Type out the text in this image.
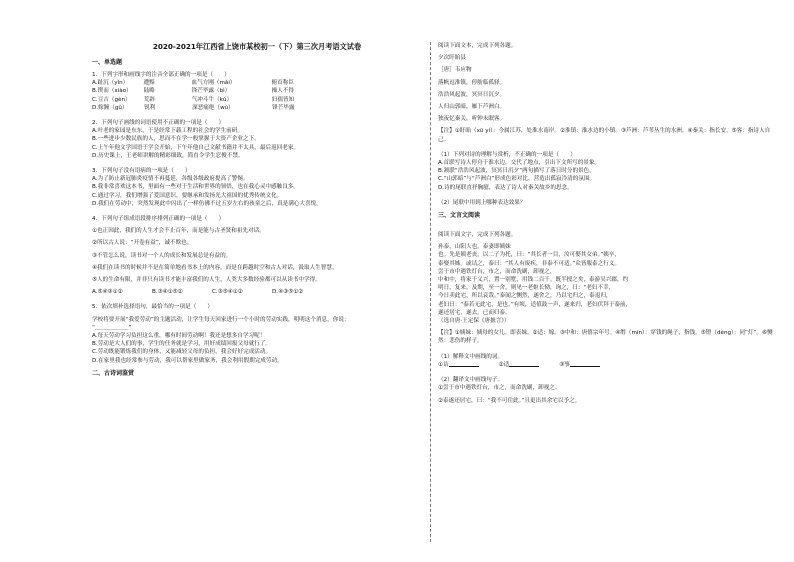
2020-2021年江西省上饶市某校初一（下）第三次月考语文试卷
一、单选题
1．下列字形和画线字的注音全部正确的一项是（　　）
A. 趾沉（yǐn）	遭黯	血气方刚（mǎi）	俯首称臣
B. 锲而（xiào）	陆略	锋芒毕露（bì）	操人不得
C. 豆吉（gèn）	荒辟	气冲斗牛（kǔ）	妇孺皆知
D. 嫁鐘（gǔ）	锐利	深恶痛绝（wù）	锋芒毕露
2．下列句子画线的词语使用不正确的一项是（　　）
A.叶老的家园是东东，于是经常下载工程的社会的学生前研。
B.一些进步少数民族的人，思而不在学一般掌握于大资产企业之下。
C.上午年他文学国语于学会开始，下午年他自己文献书籍并不太具，最后返回老家。
D.历史课上，王老师讲解的精彩细致，简直令学生忍俊不禁。
3．下列句子没有语病的一项是（　　）
A.为了防止新冠肺炎疫情不再蔓延，各级各级政府提高了警惕。
B.我非常喜欢这本书，里面有一些对于生活和世界的领悟，也在我心灵中感触良多。
C.通过学习，我们增强了爱国意识，要继承和发扬光大祖国的优秀传统文化。
D.我们在劳动中，突然发现此中闪出了一样仿佛不过五岁左右的孩童之后，真是满心大喜悦。
4．下列句子组成语段排序排列正确的一项是（　　）
①也正因此，我们的人生才会不止百年，而是能与古圣贤和祖先对话。
②所以古人说：“开卷有益”，诚不欺也。
③不管怎么说，读书对一个人的成长和发展总是有益的。
④我们在读书的时候并不是在简单地看书本上的内容，而是在跨越时空和古人对话，汲取人生智慧。
⑤人的生命有限，并非只有读书才能丰富我们的人生，人类大多数经验都可以从读书中学得。
A.⑤④③①②	B.③④①⑤②	C.③⑤④①②	D.④③⑤①②
5．依次填补选择语句，最恰当的一项是（　　）
学校将要开展“我爱劳动”的主题活动，让学生每天回家进行一个小时的劳动实践，明明这个消息，你说：
“＿＿＿＿＿＿”
A.每天劳动学习负担这么重，哪有时间劳动啊！我还是想多自学习呢！
B.劳动是大人们的事，学生的任务就是学习，用好成绩回报父母就行了。
C.劳动既能锻炼我们的身体，又能减轻父母的负担，我会好好完成活动。
D.在家里我也经常参与劳动，我可以帮家里做家务，我会利用假期完成劳动。
二、古诗词鉴赏
阅读下面文本，完成下列各题。
夕次盱眙县
［唐］韦应物
落帆逗淮镇，停舫临孤驿。
浩浩风起波，冥冥日沉夕。
人归山郭暗，雁下芦洲白。
独夜忆秦关，听钟未眠客。
【注】①盱眙（xū yí）：今属江苏，处淮水南岸。②淮镇：淮水边的小镇。③芦洲：芦苇丛生的水洲。④秦关：指长安。⑤客：指诗人自己。
（1）下列对诗的理解与赏析，不正确的一项是（　　）
A.首联写诗人停舟于淮水边，交代了地点，引出下文所写的景象。
B.颔联“浩浩风起波，冥冥日沉夕”两句描写了落日时分的景色。
C.“山郭暗”与“芦洲白”形成色彩对比，营造出孤寂冷清的氛围。
D.诗的尾联直抒胸臆，表达了诗人对秦关故乡的思念。
（2）尾联中用到上哪种表达效果？
三、文言文阅读
阅读下面文字，完成下列各题。
孙泰，山阳人也。泰妻即姨妹
也。先是姨老丧，以二子为托，曰：“其长者一目，汝可娶其女弟。”姨卒，
泰娶其姊。或诘之，泰曰：“其人有废疾，非泰不可适。”众皆服泰之行义。
尝于市中遇铁灯台，市之，而命洗刷，卸视之，
中和中，将家于义兴，置一别墅，用钱二百千。既半授之矣，泰游吴兴郡，约
明日，复来。及期，至一舍，则见一老妪长恸，询之，曰：“老妇不幸，
今日卖此宅，所以哀哉。”泰闻之恻然，遂舍之，乃以宅归之，泰退归，
老妇曰：“泰若无此宅，是也。”有顷，适值鼓一声，遂来归，老妇伏拜于泰前，
遂还居宅，遂去，已而归泰。
（选自唐·王定保《唐摭言》）
【注】①姨妹：姨母的女儿。即表妹。②适：嫁。③中和：唐僖宗年号。④缗（mín）：穿钱的绳子，指钱。⑤镫（dèng）：同“灯”。⑥恻然：悲伤的样子。
（1）解释文中画线的词。
①诘	②适	③事
（2）翻译文中画线句子。
①尝于市中遇铁灯台，市之，而命洗刷，卸视之。
②泰遂还居宅，曰：“我不可住此。”且更出其余宅以予之。
